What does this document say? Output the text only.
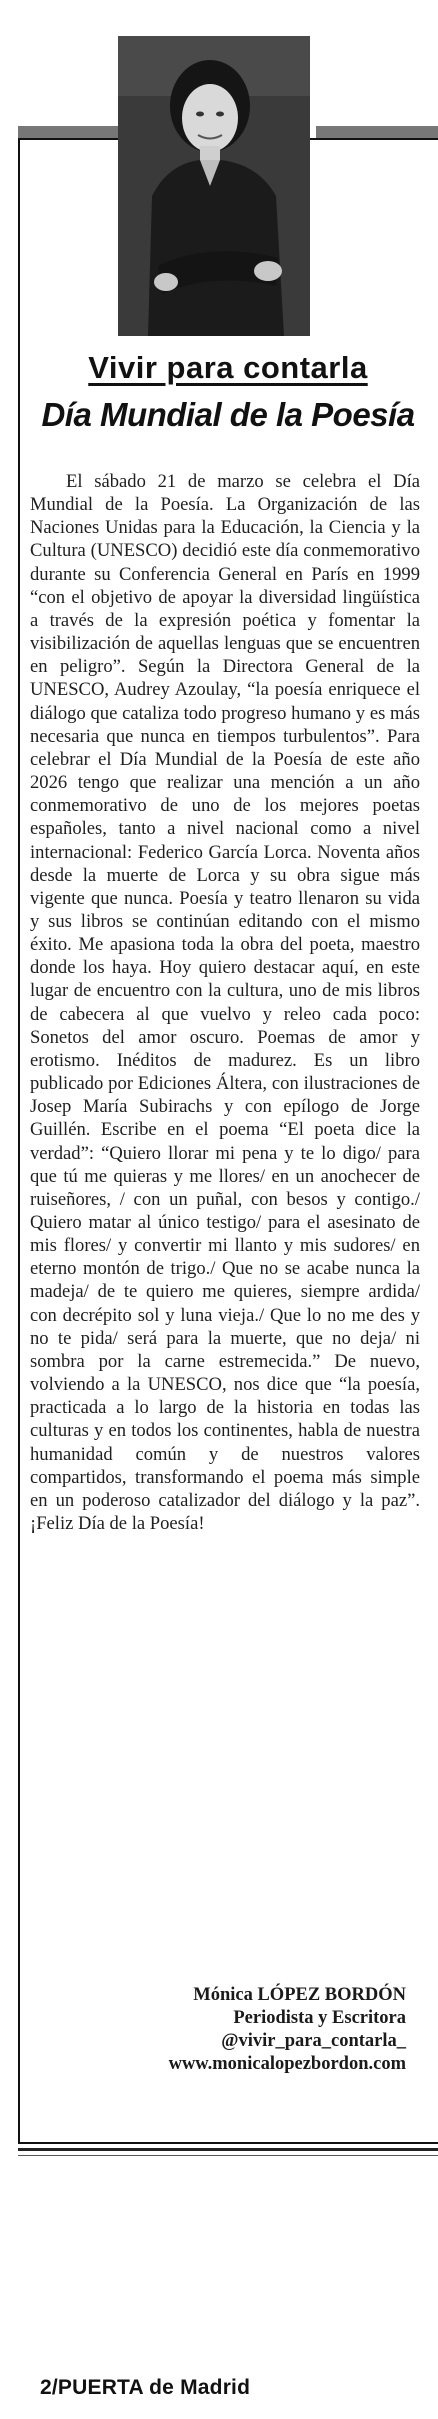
Vivir para contarla
Día Mundial de la Poesía

El sábado 21 de marzo se celebra el Día Mundial de la Poesía. La Organización de las Naciones Unidas para la Educación, la Ciencia y la Cultura (UNESCO) decidió este día conmemorativo durante su Conferencia General en París en 1999 “con el objetivo de apoyar la diversidad lingüística a través de la expresión poética y fomentar la visibilización de aquellas lenguas que se encuentren en peligro”. Según la Directora General de la UNESCO, Audrey Azoulay, “la poesía enriquece el diálogo que cataliza todo progreso humano y es más necesaria que nunca en tiempos turbulentos”. Para celebrar el Día Mundial de la Poesía de este año 2026 tengo que realizar una mención a un año conmemorativo de uno de los mejores poetas españoles, tanto a nivel nacional como a nivel internacional: Federico García Lorca. Noventa años desde la muerte de Lorca y su obra sigue más vigente que nunca. Poesía y teatro llenaron su vida y sus libros se continúan editando con el mismo éxito. Me apasiona toda la obra del poeta, maestro donde los haya. Hoy quiero destacar aquí, en este lugar de encuentro con la cultura, uno de mis libros de cabecera al que vuelvo y releo cada poco: Sonetos del amor oscuro. Poemas de amor y erotismo. Inéditos de madurez. Es un libro publicado por Ediciones Áltera, con ilustraciones de Josep María Subirachs y con epílogo de Jorge Guillén. Escribe en el poema “El poeta dice la verdad”: “Quiero llorar mi pena y te lo digo/ para que tú me quieras y me llores/ en un anochecer de ruiseñores, / con un puñal, con besos y contigo./ Quiero matar al único testigo/ para el asesinato de mis flores/ y convertir mi llanto y mis sudores/ en eterno montón de trigo./ Que no se acabe nunca la madeja/ de te quiero me quieres, siempre ardida/ con decrépito sol y luna vieja./ Que lo no me des y no te pida/ será para la muerte, que no deja/ ni sombra por la carne estremecida.” De nuevo, volviendo a la UNESCO, nos dice que “la poesía, practicada a lo largo de la historia en todas las culturas y en todos los continentes, habla de nuestra humanidad común y de nuestros valores compartidos, transformando el poema más simple en un poderoso catalizador del diálogo y la paz”. ¡Feliz Día de la Poesía!

Mónica LÓPEZ BORDÓN
Periodista y Escritora
@vivir_para_contarla_
www.monicalopezbordon.com
2/PUERTA de Madrid
